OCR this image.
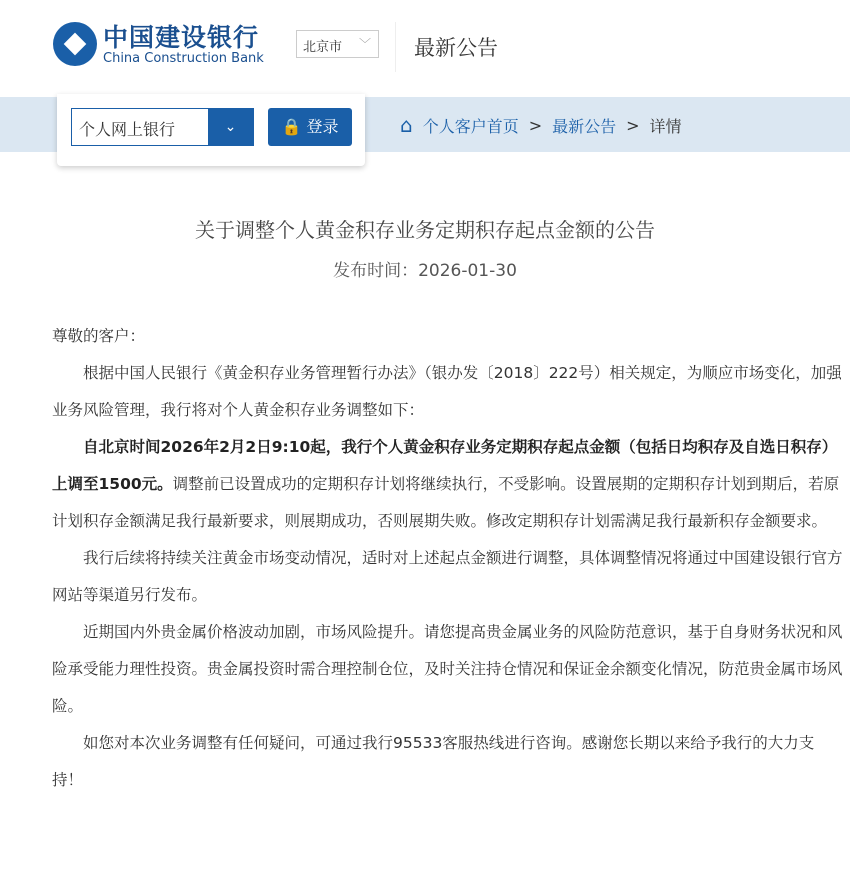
中国建设银行
China Construction Bank
北京市 ﹀ 最新公告
个人网上银行	⌄	🔒 登录	⌂ 个人客户首页 > 最新公告 > 详情
关于调整个人黄金积存业务定期积存起点金额的公告
发布时间：2026-01-30

尊敬的客户：

根据中国人民银行《黄金积存业务管理暂行办法》（银办发〔2018〕222号）相关规定，为顺应市场变化，加强业务风险管理，我行将对个人黄金积存业务调整如下：

自北京时间2026年2月2日9:10起，我行个人黄金积存业务定期积存起点金额（包括日均积存及自选日积存）上调至1500元。调整前已设置成功的定期积存计划将继续执行，不受影响。设置展期的定期积存计划到期后，若原计划积存金额满足我行最新要求，则展期成功，否则展期失败。修改定期积存计划需满足我行最新积存金额要求。

我行后续将持续关注黄金市场变动情况，适时对上述起点金额进行调整，具体调整情况将通过中国建设银行官方网站等渠道另行发布。

近期国内外贵金属价格波动加剧，市场风险提升。请您提高贵金属业务的风险防范意识，基于自身财务状况和风险承受能力理性投资。贵金属投资时需合理控制仓位，及时关注持仓情况和保证金余额变化情况，防范贵金属市场风险。

如您对本次业务调整有任何疑问，可通过我行95533客服热线进行咨询。感谢您长期以来给予我行的大力支持！
